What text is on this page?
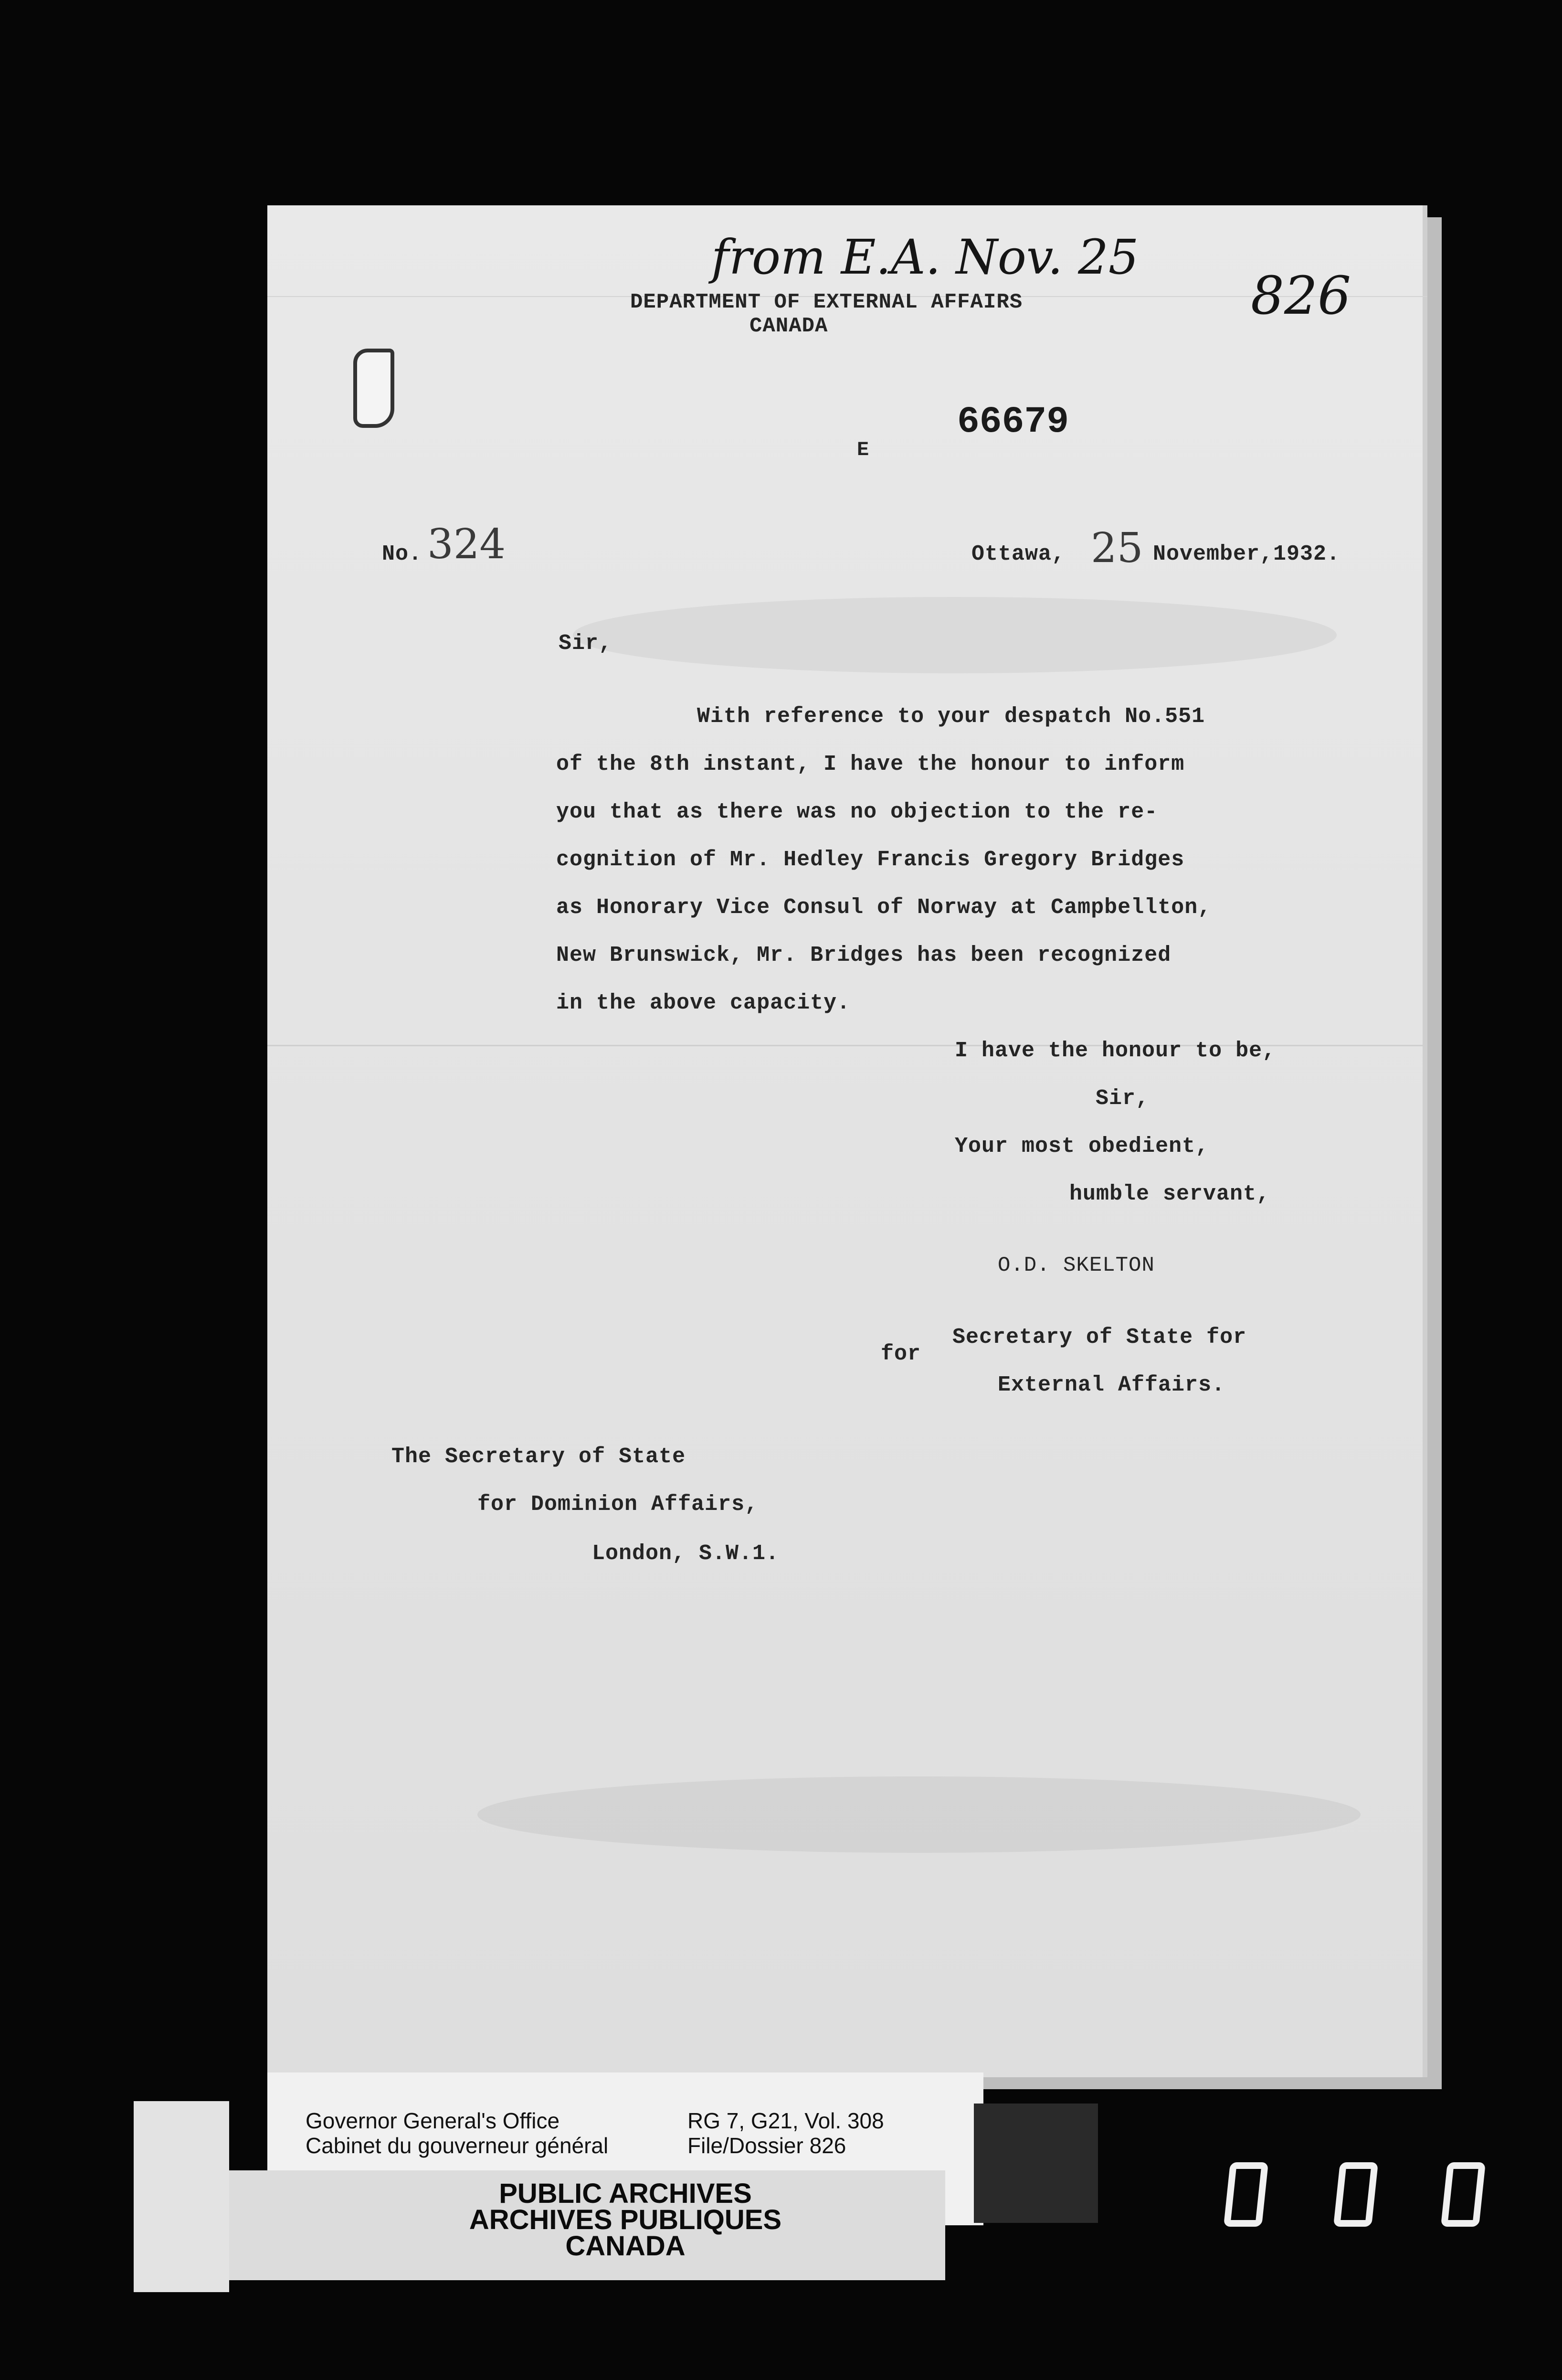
from E.A. Nov. 25
826
DEPARTMENT OF EXTERNAL AFFAIRS
CANADA
66679
E
No. 324	Ottawa, 25 November,1932.
Sir,
With reference to your despatch No.551
of the 8th instant, I have the honour to inform
you that as there was no objection to the re-
cognition of Mr. Hedley Francis Gregory Bridges
as Honorary Vice Consul of Norway at Campbellton,
New Brunswick, Mr. Bridges has been recognized
in the above capacity.
I have the honour to be,
Sir,
Your most obedient,
humble servant,
O.D. SKELTON
for
Secretary of State for
External Affairs.
The Secretary of State
for Dominion Affairs,
London, S.W.1.
Governor General's Office
Cabinet du gouverneur général
RG 7, G21, Vol. 308
File/Dossier 826
PUBLIC ARCHIVES
ARCHIVES PUBLIQUES
CANADA
